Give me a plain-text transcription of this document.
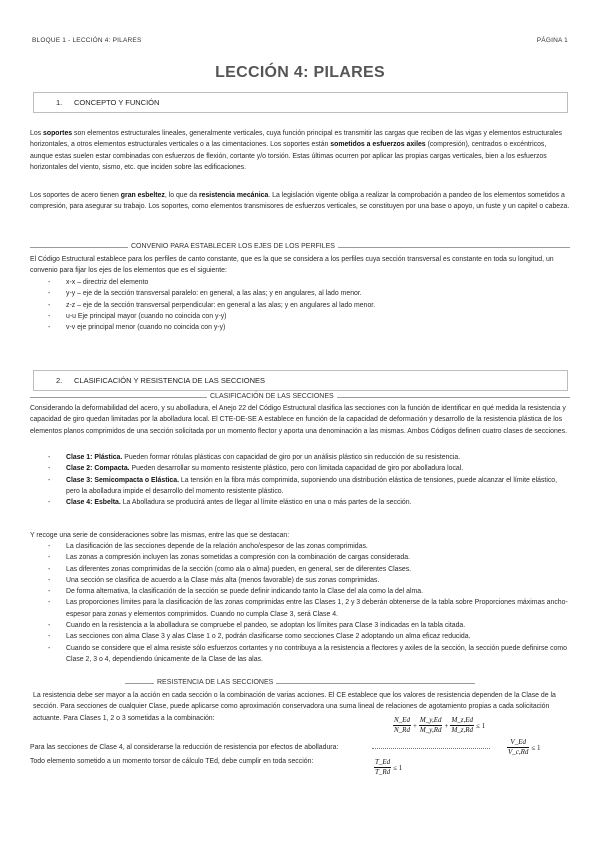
BLOQUE 1 - LECCIÓN 4: PILARES	PÁGINA 1
LECCIÓN 4: PILARES
1. CONCEPTO Y FUNCIÓN
Los soportes son elementos estructurales lineales, generalmente verticales, cuya función principal es transmitir las cargas que reciben de las vigas y elementos estructurales horizontales, a otros elementos estructurales verticales o a las cimentaciones. Los soportes están sometidos a esfuerzos axiles (compresión), centrados o excéntricos, aunque estas suelen estar combinadas con esfuerzos de flexión, cortante y/o torsión. Estas últimas ocurren por aplicar las propias cargas verticales, bien a los esfuerzos horizontales del viento, sismo, etc. que inciden sobre las edificaciones.
Los soportes de acero tienen gran esbeltez, lo que da resistencia mecánica. La legislación vigente obliga a realizar la comprobación a pandeo de los elementos sometidos a compresión, para asegurar su trabajo. Los soportes, como elementos transmisores de esfuerzos verticales, se constituyen por una base o apoyo, un fuste y un capitel o cabeza.
CONVENIO PARA ESTABLECER LOS EJES DE LOS PERFILES
El Código Estructural establece para los perfiles de canto constante, que es la que se considera a los perfiles cuya sección transversal es constante en toda su longitud, un convenio para fijar los ejes de los elementos que es el siguiente:
- x-x – directriz del elemento
- y-y – eje de la sección transversal paralelo: en general, a las alas; y en angulares, al lado menor.
- z-z – eje de la sección transversal perpendicular: en general a las alas; y en angulares al lado menor.
- u-u Eje principal mayor (cuando no coincida con y-y)
- v-v eje principal menor (cuando no coincida con y-y)
2. CLASIFICACIÓN Y RESISTENCIA DE LAS SECCIONES
CLASIFICACIÓN DE LAS SECCIONES
Considerando la deformabilidad del acero, y su abolladura, el Anejo 22 del Código Estructural clasifica las secciones con la función de identificar en qué medida la resistencia y capacidad de giro quedan limitadas por la abolladura local. El CTE-DE-SE A establece en función de la capacidad de deformación y desarrollo de la resistencia plástica de los elementos planos comprimidos de una sección solicitada por un momento flector y aporta una denominación a las mismas. Ambos Códigos definen cuatro clases de secciones.
- Clase 1: Plástica. Pueden formar rótulas plásticas con capacidad de giro por un análisis plástico sin reducción de su resistencia.
- Clase 2: Compacta. Pueden desarrollar su momento resistente plástico, pero con limitada capacidad de giro por abolladura local.
- Clase 3: Semicompacta o Elástica. La tensión en la fibra más comprimida, suponiendo una distribución elástica de tensiones, puede alcanzar el límite elástico, pero la abolladura impide el desarrollo del momento resistente plástico.
- Clase 4: Esbelta. La Abolladura se producirá antes de llegar al límite elástico en una o más partes de la sección.
Y recoge una serie de consideraciones sobre las mismas, entre las que se destacan:
- La clasificación de las secciones depende de la relación ancho/espesor de las zonas comprimidas.
- Las zonas a compresión incluyen las zonas sometidas a compresión con la combinación de cargas considerada.
- Las diferentes zonas comprimidas de la sección (como ala o alma) pueden, en general, ser de diferentes Clases.
- Una sección se clasifica de acuerdo a la Clase más alta (menos favorable) de sus zonas comprimidas.
- De forma alternativa, la clasificación de la sección se puede definir indicando tanto la Clase del ala como la del alma.
- Las proporciones límites para la clasificación de las zonas comprimidas entre las Clases 1, 2 y 3 deberán obtenerse de la tabla sobre Proporciones máximas ancho-espesor para zonas y elementos comprimidos. Cuando no cumpla Clase 3, será Clase 4.
- Cuando en la resistencia a la abolladura se compruebe el pandeo, se adoptan los límites para Clase 3 indicadas en la tabla citada.
- Las secciones con alma Clase 3 y alas Clase 1 o 2, podrán clasificarse como secciones Clase 2 adoptando un alma eficaz reducida.
- Cuando se considere que el alma resiste sólo esfuerzos cortantes y no contribuya a la resistencia a flectores y axiles de la sección, la sección puede definirse como Clase 2, 3 o 4, dependiendo únicamente de la Clase de las alas.
RESISTENCIA DE LAS SECCIONES
La resistencia debe ser mayor a la acción en cada sección o la combinación de varias acciones. El CE establece que los valores de resistencia dependen de la Clase de la sección. Para secciones de cualquier Clase, puede aplicarse como aproximación conservadora una suma lineal de relaciones de agotamiento propias a cada solicitación actuante. Para Clases 1, 2 o 3 sometidas a la combinación:	$\frac{N\_Ed}{N\_Rd} + \frac{M\_y,Ed}{M\_y,Rd} + \frac{M\_z,Ed}{M\_z,Rd} \le 1$
Para las secciones de Clase 4, al considerarse la reducción de resistencia por efectos de abolladura:	$\frac{V\_Ed}{V\_c,Rd} \le 1$
Todo elemento sometido a un momento torsor de cálculo TEd, debe cumplir en toda sección:	$\frac{T\_Ed}{T\_Rd} \le 1$
